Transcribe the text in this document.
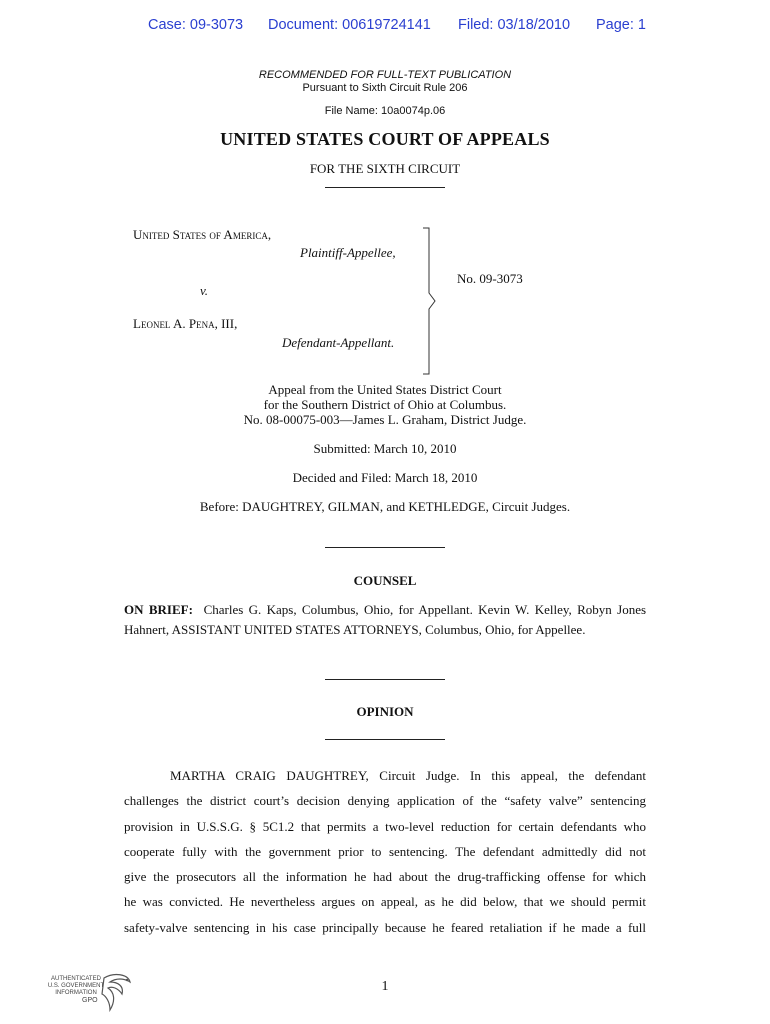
Case: 09-3073 Document: 00619724141 Filed: 03/18/2010 Page: 1
RECOMMENDED FOR FULL-TEXT PUBLICATION
Pursuant to Sixth Circuit Rule 206
File Name: 10a0074p.06
UNITED STATES COURT OF APPEALS
FOR THE SIXTH CIRCUIT
United States of America,
Plaintiff-Appellee,
v.
Leonel A. Pena, III,
Defendant-Appellant.
No. 09-3073
Appeal from the United States District Court
for the Southern District of Ohio at Columbus.
No. 08-00075-003—James L. Graham, District Judge.
Submitted: March 10, 2010
Decided and Filed: March 18, 2010
Before: DAUGHTREY, GILMAN, and KETHLEDGE, Circuit Judges.
COUNSEL
ON BRIEF: Charles G. Kaps, Columbus, Ohio, for Appellant. Kevin W. Kelley, Robyn Jones Hahnert, ASSISTANT UNITED STATES ATTORNEYS, Columbus, Ohio, for Appellee.
OPINION
MARTHA CRAIG DAUGHTREY, Circuit Judge. In this appeal, the defendant
challenges the district court’s decision denying application of the “safety valve” sentencing
provision in U.S.S.G. § 5C1.2 that permits a two-level reduction for certain defendants who
cooperate fully with the government prior to sentencing. The defendant admittedly did not
give the prosecutors all the information he had about the drug-trafficking offense for which
he was convicted. He nevertheless argues on appeal, as he did below, that we should permit
safety-valve sentencing in his case principally because he feared retaliation if he made a full
1
AUTHENTICATED
U.S. GOVERNMENT
INFORMATION
GPO
